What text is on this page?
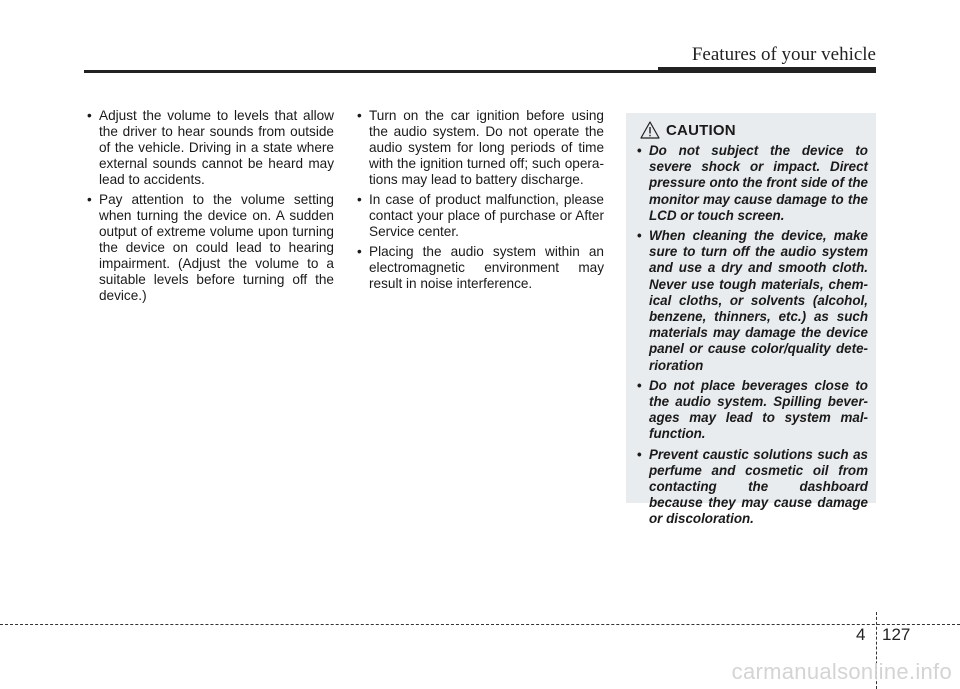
Features of your vehicle
• Adjust the volume to levels that allow the driver to hear sounds from outside of the vehicle. Driving in a state where external sounds cannot be heard may lead to accidents.
• Pay attention to the volume setting when turning the device on. A sudden output of extreme volume upon turning the device on could lead to hearing impairment. (Adjust the volume to a suitable levels before turning off the device.)
• Turn on the car ignition before using the audio system. Do not operate the audio system for long periods of time with the ignition turned off; such opera-tions may lead to battery discharge.
• In case of product malfunction, please contact your place of purchase or After Service center.
• Placing the audio system within an electromagnetic environment may result in noise interference.
CAUTION
• Do not subject the device to severe shock or impact. Direct pressure onto the front side of the monitor may cause damage to the LCD or touch screen.
• When cleaning the device, make sure to turn off the audio system and use a dry and smooth cloth. Never use tough materials, chem-ical cloths, or solvents (alcohol, benzene, thinners, etc.) as such materials may damage the device panel or cause color/quality dete-rioration
• Do not place beverages close to the audio system. Spilling bever-ages may lead to system mal-function.
• Prevent caustic solutions such as perfume and cosmetic oil from contacting the dashboard because they may cause damage or discoloration.
4 127
carmanualsonline.info
